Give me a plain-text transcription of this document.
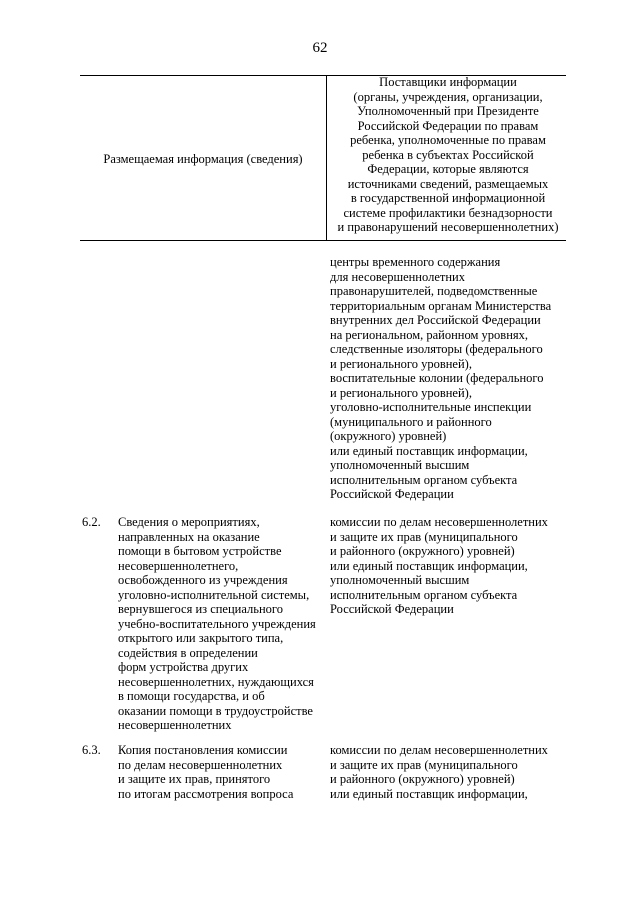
62
Размещаемая информация (сведения)
Поставщики информации
(органы, учреждения, организации,
Уполномоченный при Президенте
Российской Федерации по правам
ребенка, уполномоченные по правам
ребенка в субъектах Российской
Федерации, которые являются
источниками сведений, размещаемых
в государственной информационной
системе профилактики безнадзорности
и правонарушений несовершеннолетних)
центры временного содержания
для несовершеннолетних
правонарушителей, подведомственные
территориальным органам Министерства
внутренних дел Российской Федерации
на региональном, районном уровнях,
следственные изоляторы (федерального
и регионального уровней),
воспитательные колонии (федерального
и регионального уровней),
уголовно-исполнительные инспекции
(муниципального и районного
(окружного) уровней)
или единый поставщик информации,
уполномоченный высшим
исполнительным органом субъекта
Российской Федерации
6.2.	Сведения о мероприятиях,
направленных на оказание
помощи в бытовом устройстве
несовершеннолетнего,
освобожденного из учреждения
уголовно-исполнительной системы,
вернувшегося из специального
учебно-воспитательного учреждения
открытого или закрытого типа,
содействия в определении
форм устройства других
несовершеннолетних, нуждающихся
в помощи государства, и об
оказании помощи в трудоустройстве
несовершеннолетних
комиссии по делам несовершеннолетних
и защите их прав (муниципального
и районного (окружного) уровней)
или единый поставщик информации,
уполномоченный высшим
исполнительным органом субъекта
Российской Федерации
6.3.	Копия постановления комиссии
по делам несовершеннолетних
и защите их прав, принятого
по итогам рассмотрения вопроса
комиссии по делам несовершеннолетних
и защите их прав (муниципального
и районного (окружного) уровней)
или единый поставщик информации,
